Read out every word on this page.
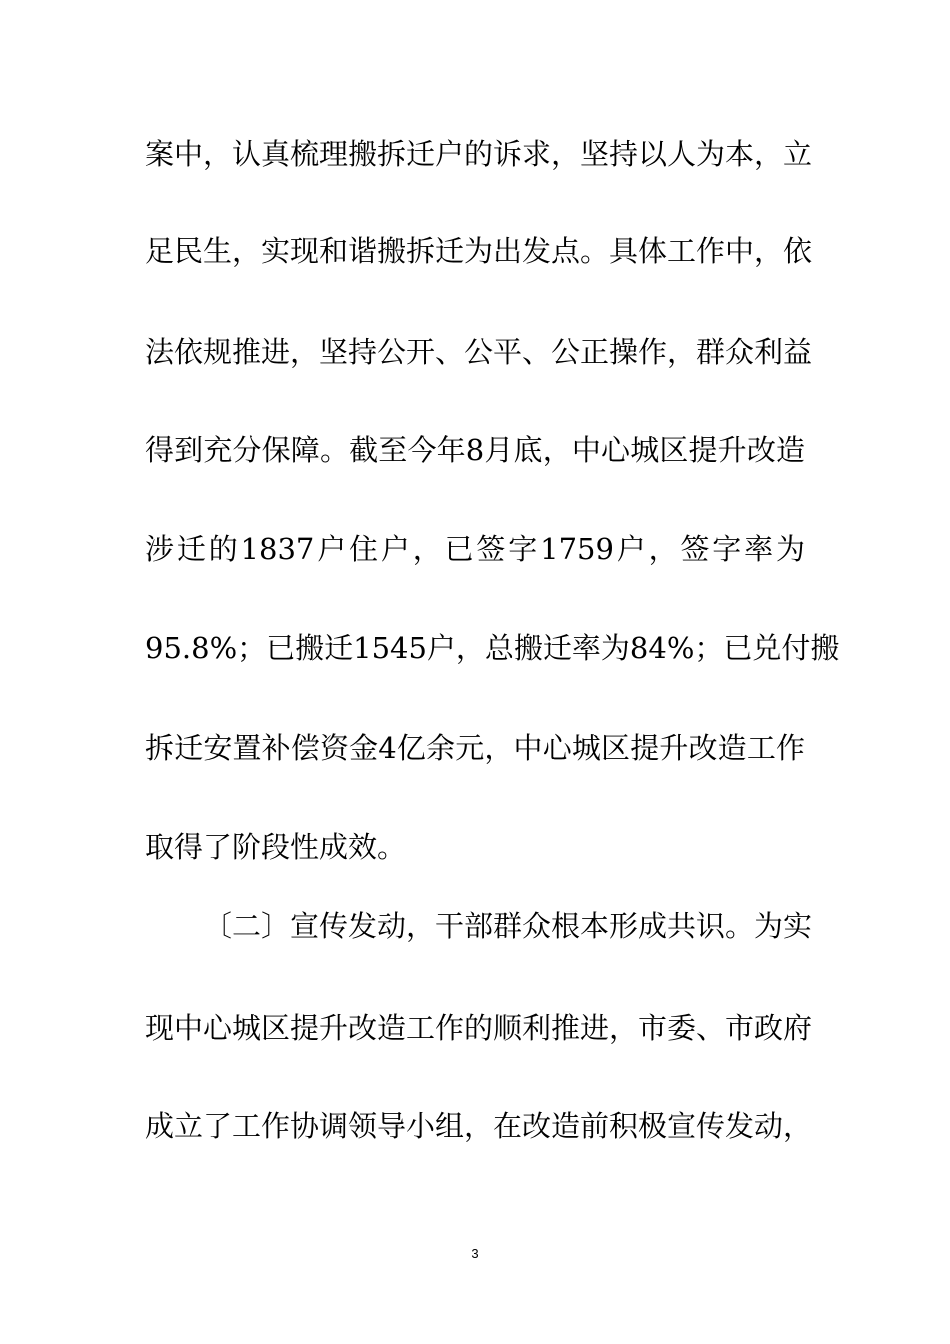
案中，认真梳理搬拆迁户的诉求，坚持以人为本，立
足民生，实现和谐搬拆迁为出发点。具体工作中，依
法依规推进，坚持公开、公平、公正操作，群众利益
得到充分保障。截至今年8月底，中心城区提升改造
涉迁的1837户住户，已签字1759户，签字率为
95.8%；已搬迁1545户，总搬迁率为84%；已兑付搬
拆迁安置补偿资金4亿余元，中心城区提升改造工作
取得了阶段性成效。
〔二〕宣传发动，干部群众根本形成共识。为实
现中心城区提升改造工作的顺利推进，市委、市政府
成立了工作协调领导小组，在改造前积极宣传发动，
3
